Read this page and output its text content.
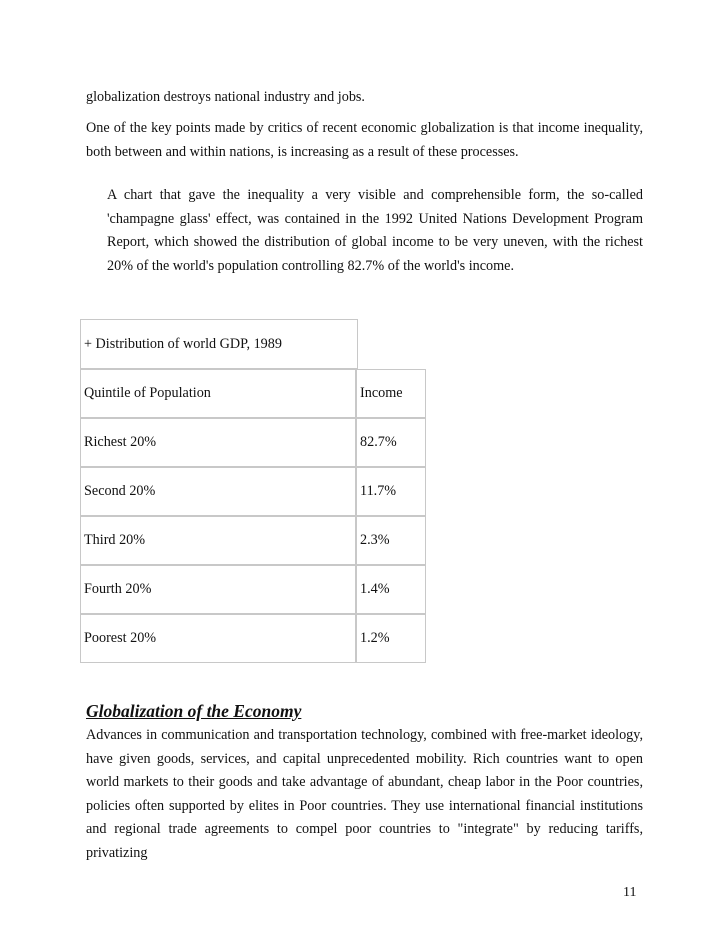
globalization destroys national industry and jobs.

One of the key points made by critics of recent economic globalization is that income inequality, both between and within nations, is increasing as a result of these processes.

A chart that gave the inequality a very visible and comprehensible form, the so-called 'champagne glass' effect, was contained in the 1992 United Nations Development Program Report, which showed the distribution of global income to be very uneven, with the richest 20% of the world's population controlling 82.7% of the world's income.

+ Distribution of world GDP, 1989
Quintile of Population	Income
Richest 20%	82.7%
Second 20%	11.7%
Third 20%	2.3%
Fourth 20%	1.4%
Poorest 20%	1.2%
Globalization of the Economy

Advances in communication and transportation technology, combined with free-market ideology, have given goods, services, and capital unprecedented mobility. Rich countries want to open world markets to their goods and take advantage of abundant, cheap labor in the Poor countries, policies often supported by elites in Poor countries. They use international financial institutions and regional trade agreements to compel poor countries to "integrate" by reducing tariffs, privatizing

11
